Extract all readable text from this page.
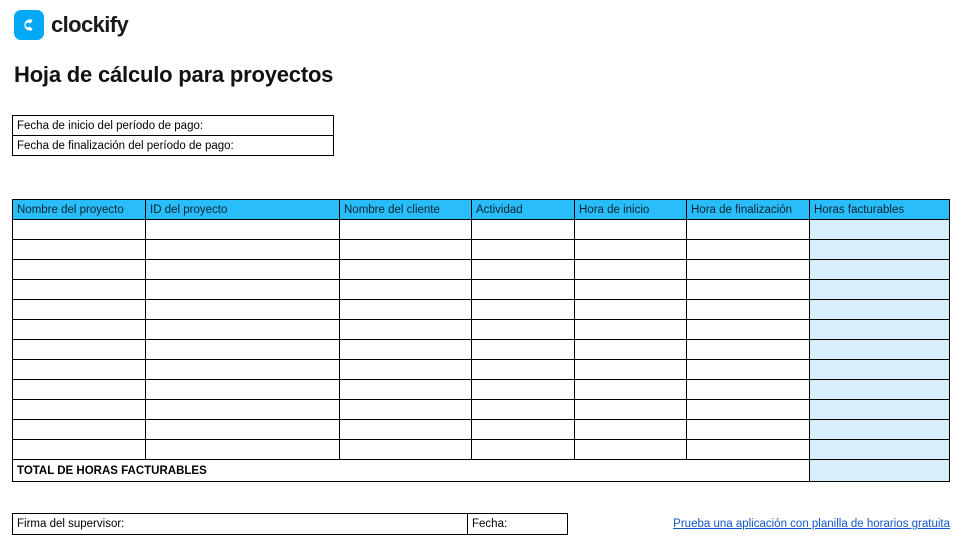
clockify
Hoja de cálculo para proyectos
Fecha de inicio del período de pago:
Fecha de finalización del período de pago:
Nombre del proyecto	ID del proyecto	Nombre del cliente	Actividad	Hora de inicio	Hora de finalización	Horas facturables

TOTAL DE HORAS FACTURABLES						
Firma del supervisor:	Fecha:	Prueba una aplicación con planilla de horarios gratuita
